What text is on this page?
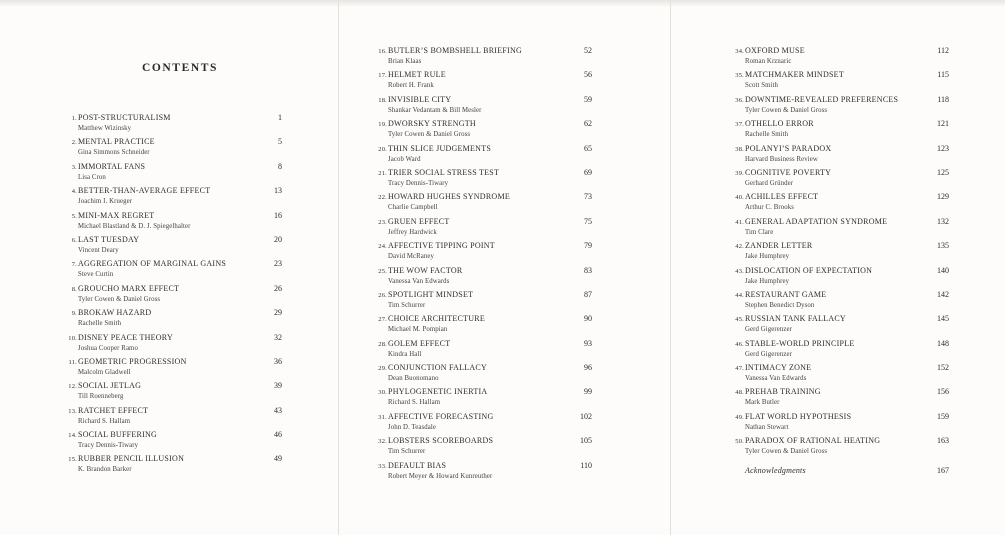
CONTENTS
1. POST-STRUCTURALISM	1
Matthew Wizinsky
2. MENTAL PRACTICE	5
Gina Simmons Schneider
3. IMMORTAL FANS	8
Lisa Cron
4. BETTER-THAN-AVERAGE EFFECT	13
Joachim I. Krueger
5. MINI-MAX REGRET	16
Michael Blastland & D. J. Spiegelhalter
6. LAST TUESDAY	20
Vincent Deary
7. AGGREGATION OF MARGINAL GAINS	23
Steve Curtin
8. GROUCHO MARX EFFECT	26
Tyler Cowen & Daniel Gross
9. BROKAW HAZARD	29
Rachelle Smith
10. DISNEY PEACE THEORY	32
Joshua Cooper Ramo
11. GEOMETRIC PROGRESSION	36
Malcolm Gladwell
12. SOCIAL JETLAG	39
Till Roenneberg
13. RATCHET EFFECT	43
Richard S. Hallam
14. SOCIAL BUFFERING	46
Tracy Dennis-Tiwary
15. RUBBER PENCIL ILLUSION	49
K. Brandon Barker
16. BUTLER’S BOMBSHELL BRIEFING	52
Brian Klaas
17. HELMET RULE	56
Robert H. Frank
18. INVISIBLE CITY	59
Shankar Vedantam & Bill Mesler
19. DWORSKY STRENGTH	62
Tyler Cowen & Daniel Gross
20. THIN SLICE JUDGEMENTS	65
Jacob Ward
21. TRIER SOCIAL STRESS TEST	69
Tracy Dennis-Tiwary
22. HOWARD HUGHES SYNDROME	73
Charlie Campbell
23. GRUEN EFFECT	75
Jeffrey Hardwick
24. AFFECTIVE TIPPING POINT	79
David McRaney
25. THE WOW FACTOR	83
Vanessa Van Edwards
26. SPOTLIGHT MINDSET	87
Tim Schurrer
27. CHOICE ARCHITECTURE	90
Michael M. Pompian
28. GOLEM EFFECT	93
Kindra Hall
29. CONJUNCTION FALLACY	96
Dean Buonomano
30. PHYLOGENETIC INERTIA	99
Richard S. Hallam
31. AFFECTIVE FORECASTING	102
John D. Teasdale
32. LOBSTERS SCOREBOARDS	105
Tim Schurrer
33. DEFAULT BIAS	110
Robert Meyer & Howard Kunreuther
34. OXFORD MUSE	112
Roman Krznaric
35. MATCHMAKER MINDSET	115
Scott Smith
36. DOWNTIME-REVEALED PREFERENCES	118
Tyler Cowen & Daniel Gross
37. OTHELLO ERROR	121
Rachelle Smith
38. POLANYI’S PARADOX	123
Harvard Business Review
39. COGNITIVE POVERTY	125
Gerhard Gründer
40. ACHILLES EFFECT	129
Arthur C. Brooks
41. GENERAL ADAPTATION SYNDROME	132
Tim Clare
42. ZANDER LETTER	135
Jake Humphrey
43. DISLOCATION OF EXPECTATION	140
Jake Humphrey
44. RESTAURANT GAME	142
Stephen Benedict Dyson
45. RUSSIAN TANK FALLACY	145
Gerd Gigerenzer
46. STABLE-WORLD PRINCIPLE	148
Gerd Gigerenzer
47. INTIMACY ZONE	152
Vanessa Van Edwards
48. PREHAB TRAINING	156
Mark Butler
49. FLAT WORLD HYPOTHESIS	159
Nathan Stewart
50. PARADOX OF RATIONAL HEATING	163
Tyler Cowen & Daniel Gross
Acknowledgments	167
